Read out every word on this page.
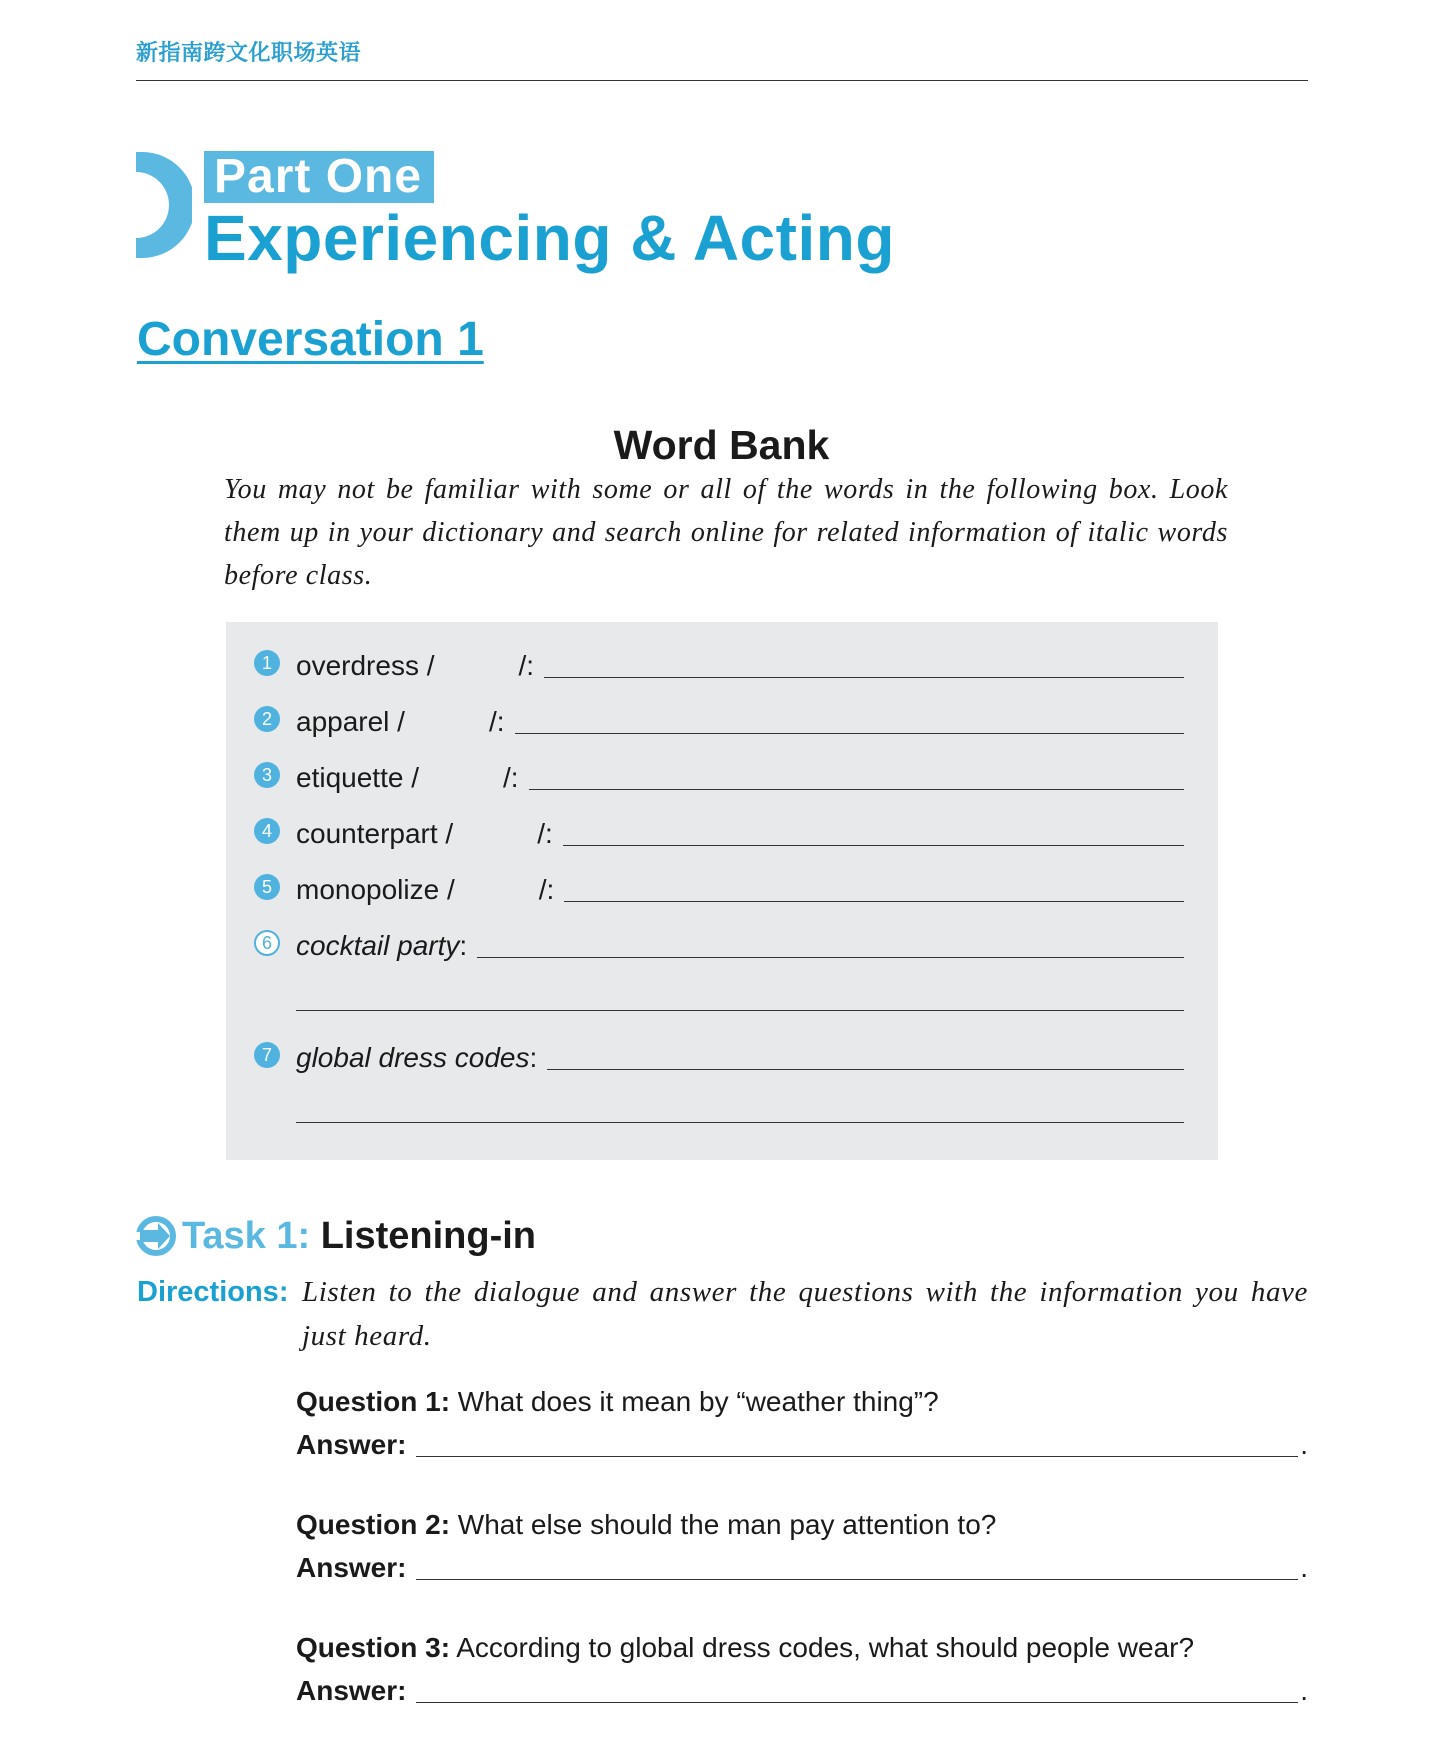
新指南跨文化职场英语
Part One
Experiencing & Acting
Conversation 1
Word Bank
You may not be familiar with some or all of the words in the following box. Look them up in your dictionary and search online for related information of italic words before class.
1 overdress /	/:
2 apparel /	/:
3 etiquette /	/:
4 counterpart /	/:
5 monopolize /	/:
6 cocktail party :
7 global dress codes :
Task 1: Listening-in
Directions: Listen to the dialogue and answer the questions with the information you have just heard.
Question 1: What does it mean by “weather thing”?
Answer:	.
Question 2: What else should the man pay attention to?
Answer:	.
Question 3: According to global dress codes, what should people wear?
Answer:	.
